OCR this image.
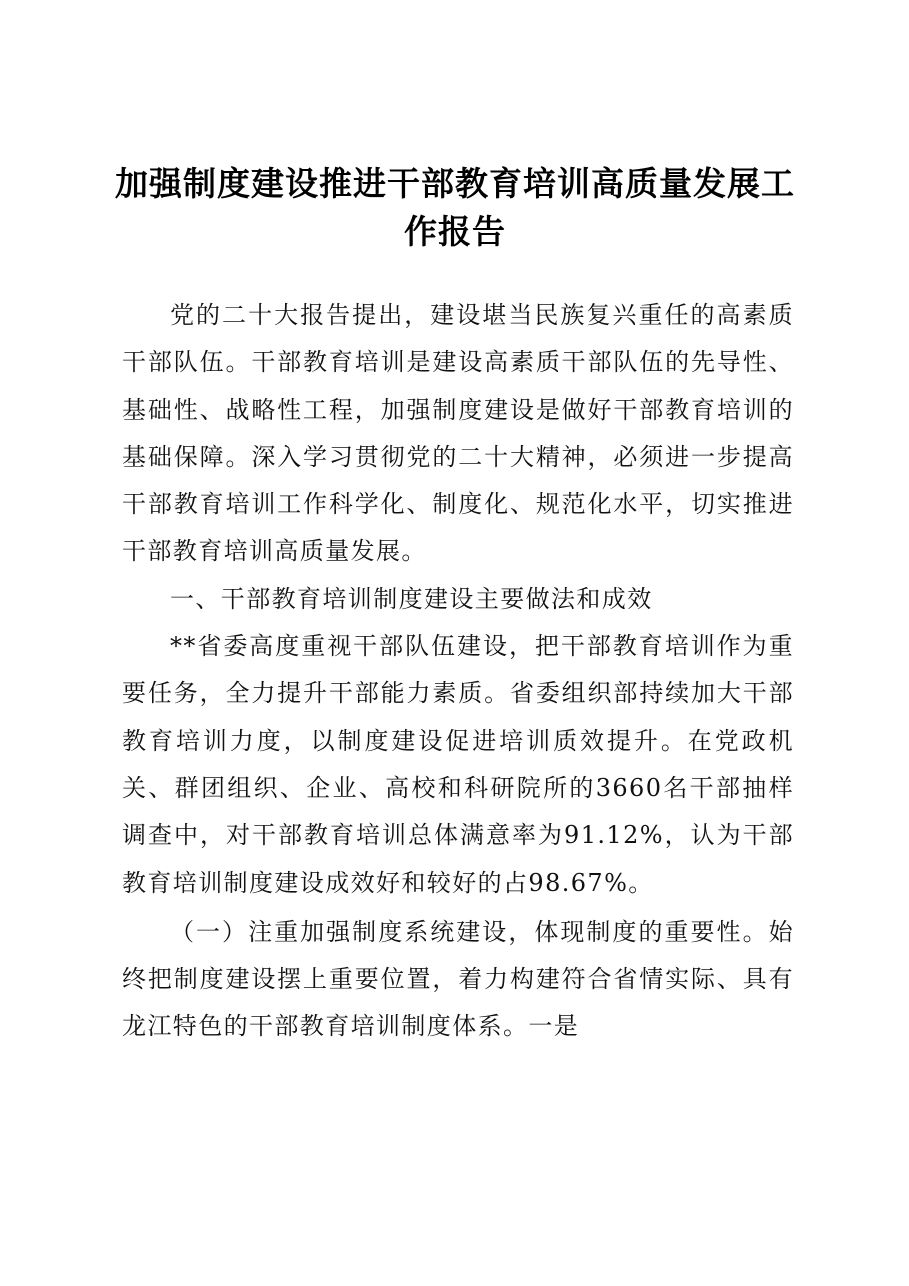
加强制度建设推进干部教育培训高质量发展工作报告

党的二十大报告提出，建设堪当民族复兴重任的高素质干部队伍。干部教育培训是建设高素质干部队伍的先导性、基础性、战略性工程，加强制度建设是做好干部教育培训的基础保障。深入学习贯彻党的二十大精神，必须进一步提高干部教育培训工作科学化、制度化、规范化水平，切实推进干部教育培训高质量发展。

一、干部教育培训制度建设主要做法和成效

**省委高度重视干部队伍建设，把干部教育培训作为重要任务，全力提升干部能力素质。省委组织部持续加大干部教育培训力度，以制度建设促进培训质效提升。在党政机关、群团组织、企业、高校和科研院所的3660名干部抽样调查中，对干部教育培训总体满意率为91.12%，认为干部教育培训制度建设成效好和较好的占98.67%。

（一）注重加强制度系统建设，体现制度的重要性。始终把制度建设摆上重要位置，着力构建符合省情实际、具有龙江特色的干部教育培训制度体系。一是
